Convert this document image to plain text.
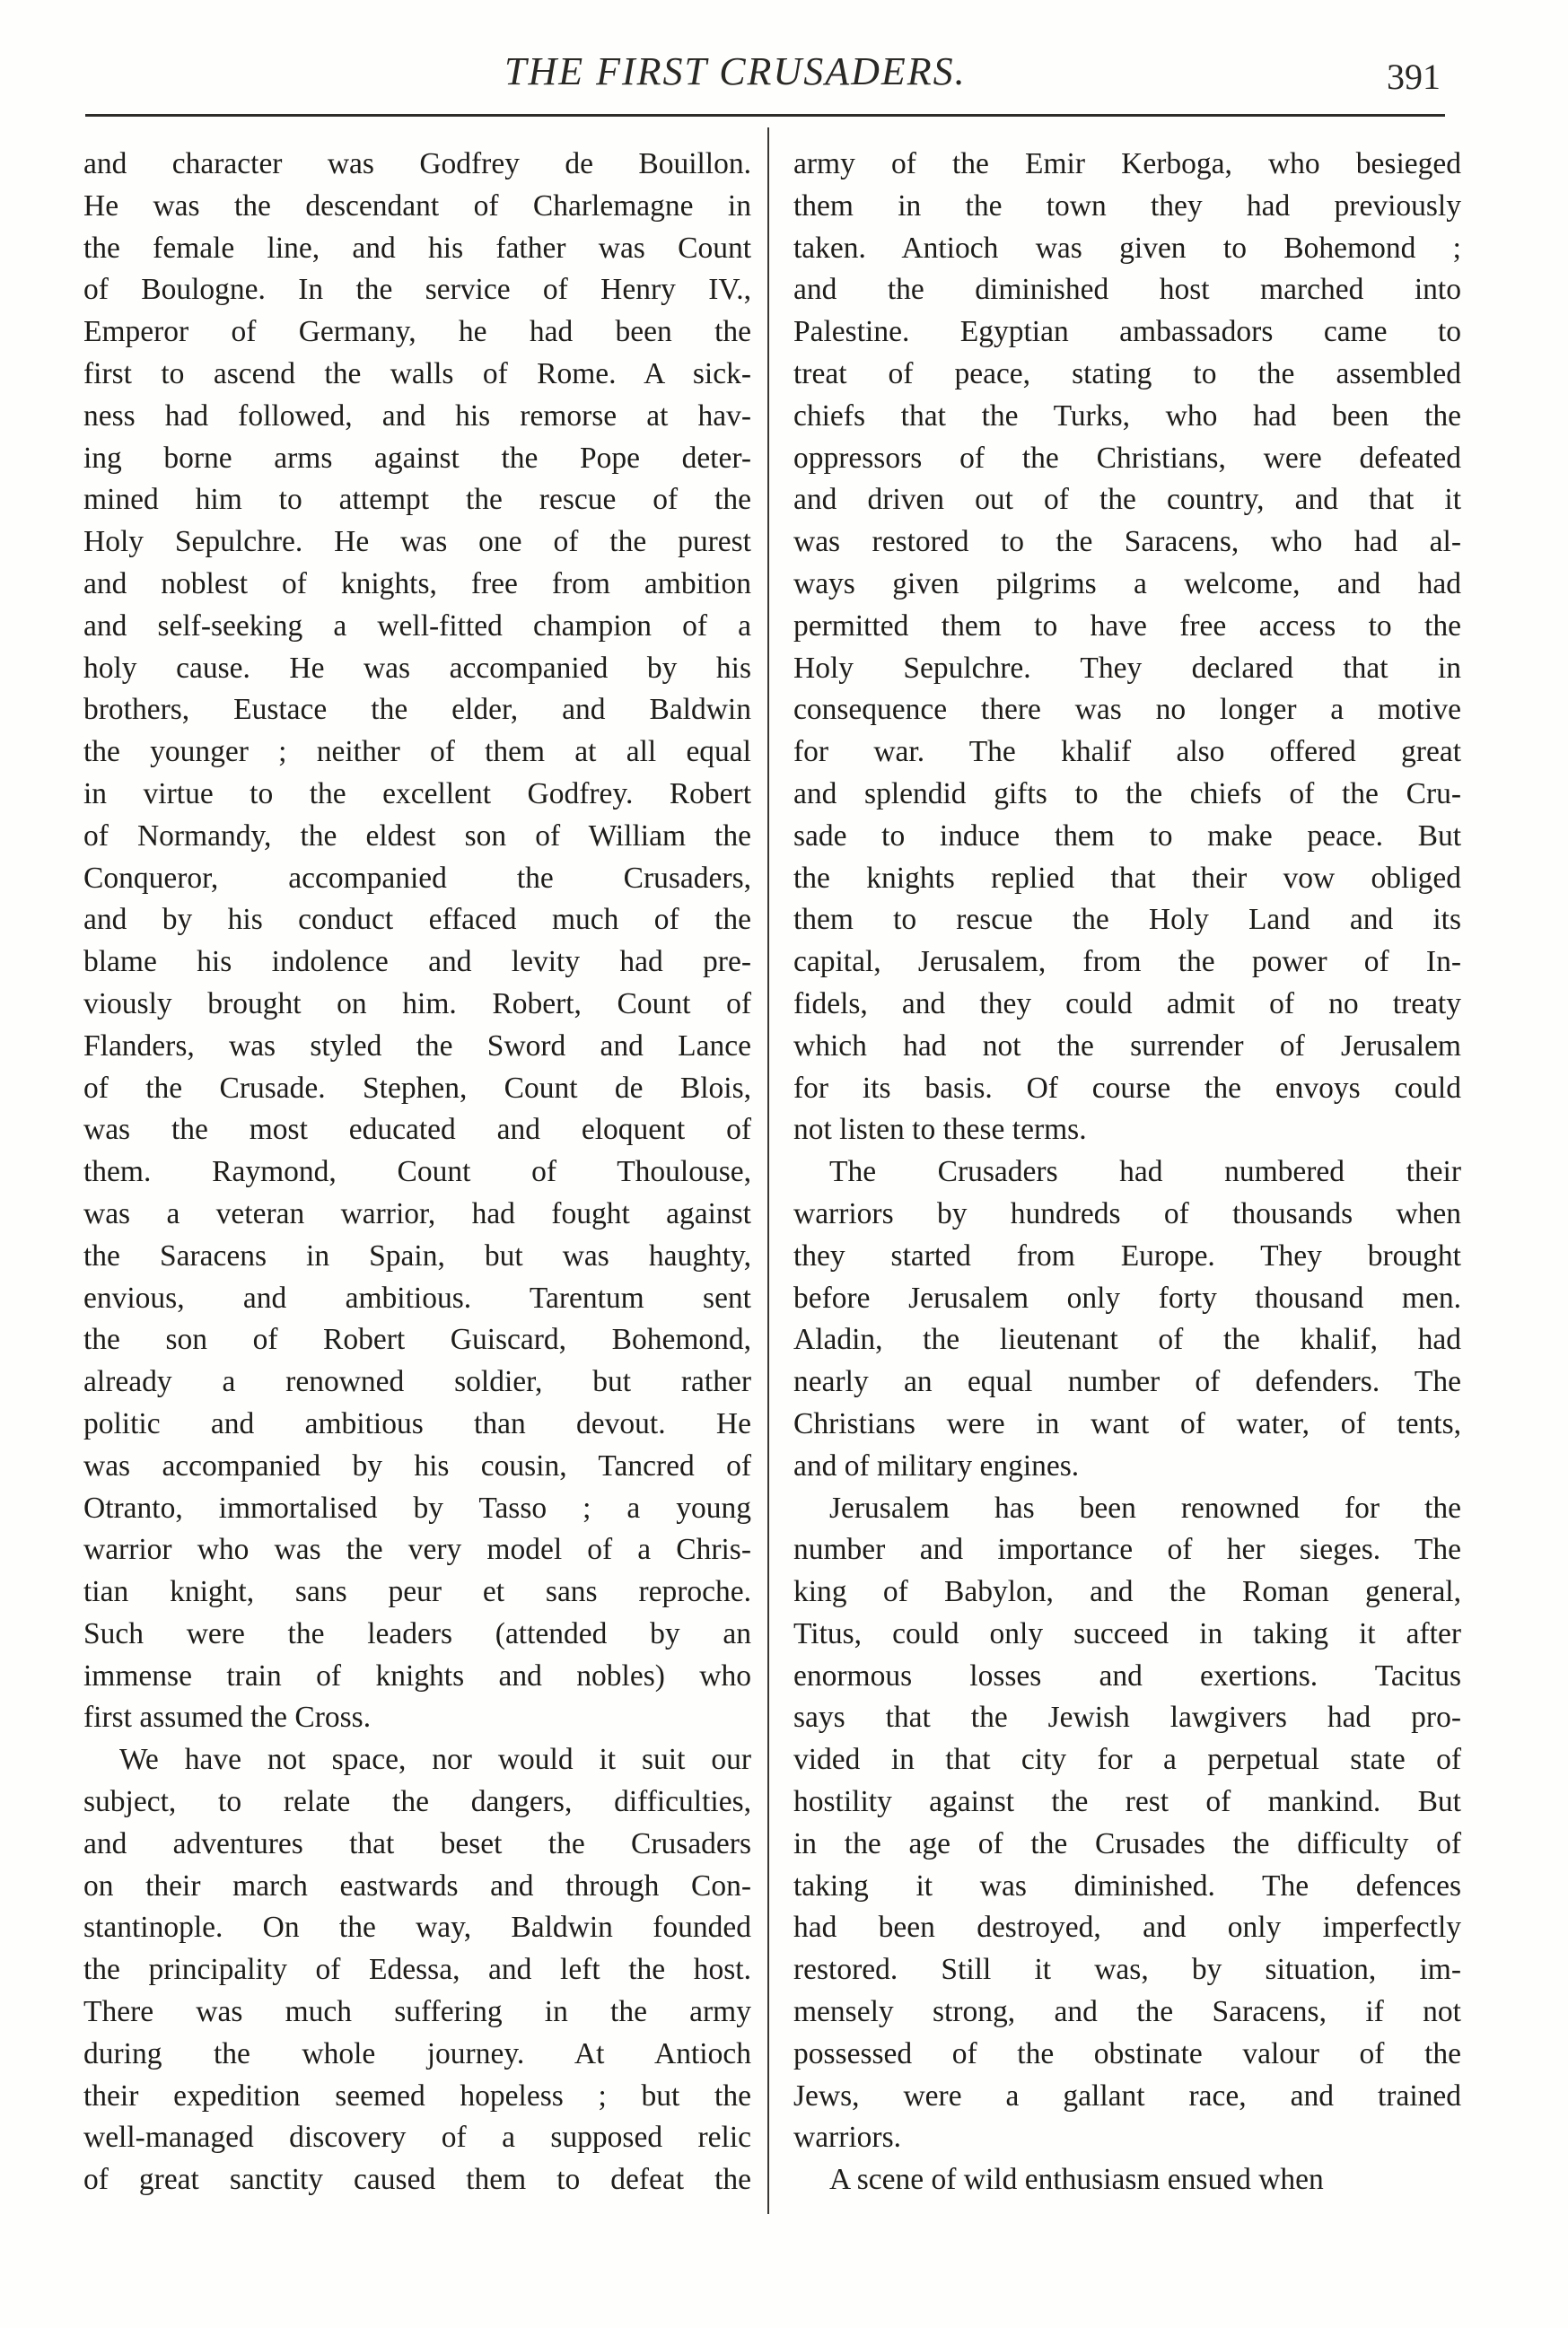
THE FIRST CRUSADERS.	391
and character was Godfrey de Bouillon.
He was the descendant of Charlemagne in
the female line, and his father was Count
of Boulogne. In the service of Henry IV.,
Emperor of Germany, he had been the
first to ascend the walls of Rome. A sick-
ness had followed, and his remorse at hav-
ing borne arms against the Pope deter-
mined him to attempt the rescue of the
Holy Sepulchre. He was one of the purest
and noblest of knights, free from ambition
and self-seeking a well-fitted champion of a
holy cause. He was accompanied by his
brothers, Eustace the elder, and Baldwin
the younger ; neither of them at all equal
in virtue to the excellent Godfrey. Robert
of Normandy, the eldest son of William the
Conqueror, accompanied the Crusaders,
and by his conduct effaced much of the
blame his indolence and levity had pre-
viously brought on him. Robert, Count of
Flanders, was styled the Sword and Lance
of the Crusade. Stephen, Count de Blois,
was the most educated and eloquent of
them. Raymond, Count of Thoulouse,
was a veteran warrior, had fought against
the Saracens in Spain, but was haughty,
envious, and ambitious. Tarentum sent
the son of Robert Guiscard, Bohemond,
already a renowned soldier, but rather
politic and ambitious than devout. He
was accompanied by his cousin, Tancred of
Otranto, immortalised by Tasso ; a young
warrior who was the very model of a Chris-
tian knight, sans peur et sans reproche.
Such were the leaders (attended by an
immense train of knights and nobles) who
first assumed the Cross.
We have not space, nor would it suit our
subject, to relate the dangers, difficulties,
and adventures that beset the Crusaders
on their march eastwards and through Con-
stantinople. On the way, Baldwin founded
the principality of Edessa, and left the host.
There was much suffering in the army
during the whole journey. At Antioch
their expedition seemed hopeless ; but the
well-managed discovery of a supposed relic
of great sanctity caused them to defeat the
army of the Emir Kerboga, who besieged
them in the town they had previously
taken. Antioch was given to Bohemond ;
and the diminished host marched into
Palestine. Egyptian ambassadors came to
treat of peace, stating to the assembled
chiefs that the Turks, who had been the
oppressors of the Christians, were defeated
and driven out of the country, and that it
was restored to the Saracens, who had al-
ways given pilgrims a welcome, and had
permitted them to have free access to the
Holy Sepulchre. They declared that in
consequence there was no longer a motive
for war. The khalif also offered great
and splendid gifts to the chiefs of the Cru-
sade to induce them to make peace. But
the knights replied that their vow obliged
them to rescue the Holy Land and its
capital, Jerusalem, from the power of In-
fidels, and they could admit of no treaty
which had not the surrender of Jerusalem
for its basis. Of course the envoys could
not listen to these terms.
The Crusaders had numbered their
warriors by hundreds of thousands when
they started from Europe. They brought
before Jerusalem only forty thousand men.
Aladin, the lieutenant of the khalif, had
nearly an equal number of defenders. The
Christians were in want of water, of tents,
and of military engines.
Jerusalem has been renowned for the
number and importance of her sieges. The
king of Babylon, and the Roman general,
Titus, could only succeed in taking it after
enormous losses and exertions. Tacitus
says that the Jewish lawgivers had pro-
vided in that city for a perpetual state of
hostility against the rest of mankind. But
in the age of the Crusades the difficulty of
taking it was diminished. The defences
had been destroyed, and only imperfectly
restored. Still it was, by situation, im-
mensely strong, and the Saracens, if not
possessed of the obstinate valour of the
Jews, were a gallant race, and trained
warriors.
A scene of wild enthusiasm ensued when
